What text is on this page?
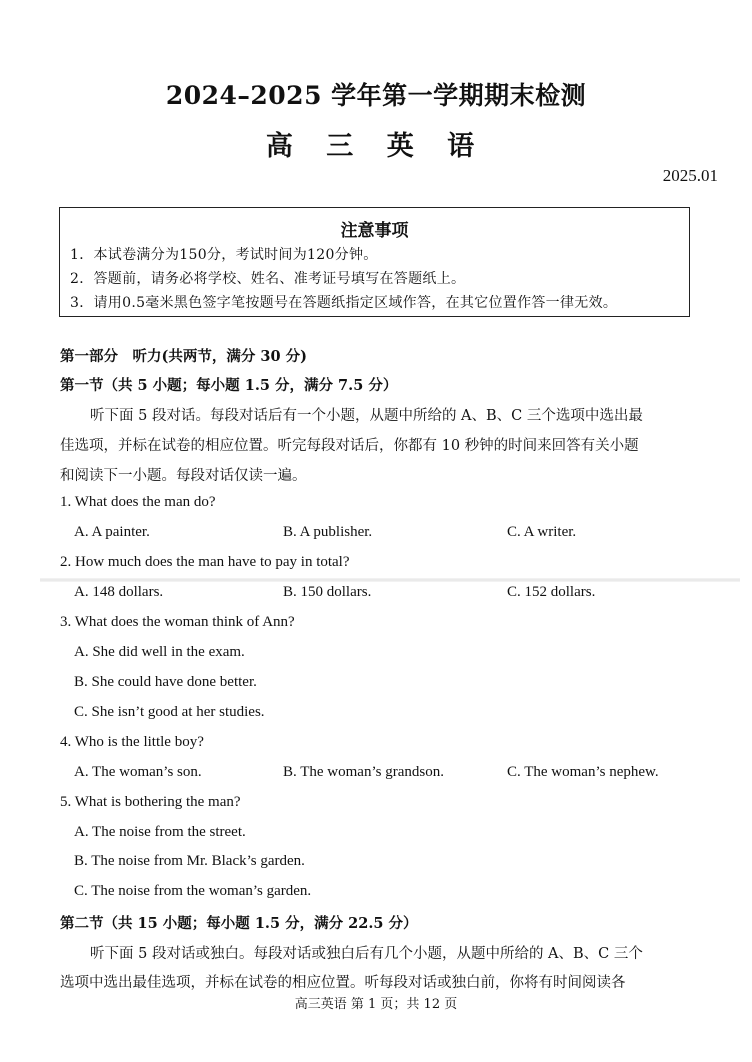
2024–2025 学年第一学期期末检测
高 三 英 语
2025.01
注意事项
1．本试卷满分为150分，考试时间为120分钟。
2．答题前，请务必将学校、姓名、准考证号填写在答题纸上。
3．请用0.5毫米黑色签字笔按题号在答题纸指定区域作答，在其它位置作答一律无效。
第一部分　听力(共两节，满分 30 分)
第一节（共 5 小题；每小题 1.5 分，满分 7.5 分）
听下面 5 段对话。每段对话后有一个小题，从题中所给的 A、B、C 三个选项中选出最
佳选项，并标在试卷的相应位置。听完每段对话后，你都有 10 秒钟的时间来回答有关小题
和阅读下一小题。每段对话仅读一遍。
1. What does the man do?
A. A painter.	B. A publisher.	C. A writer.
2. How much does the man have to pay in total?
A. 148 dollars.	B. 150 dollars.	C. 152 dollars.
3. What does the woman think of Ann?
A. She did well in the exam.
B. She could have done better.
C. She isn’t good at her studies.
4. Who is the little boy?
A. The woman’s son.	B. The woman’s grandson.	C. The woman’s nephew.
5. What is bothering the man?
A. The noise from the street.
B. The noise from Mr. Black’s garden.
C. The noise from the woman’s garden.
第二节（共 15 小题；每小题 1.5 分，满分 22.5 分）
听下面 5 段对话或独白。每段对话或独白后有几个小题，从题中所给的 A、B、C 三个
选项中选出最佳选项，并标在试卷的相应位置。听每段对话或独白前，你将有时间阅读各
高三英语 第 1 页；共 12 页
